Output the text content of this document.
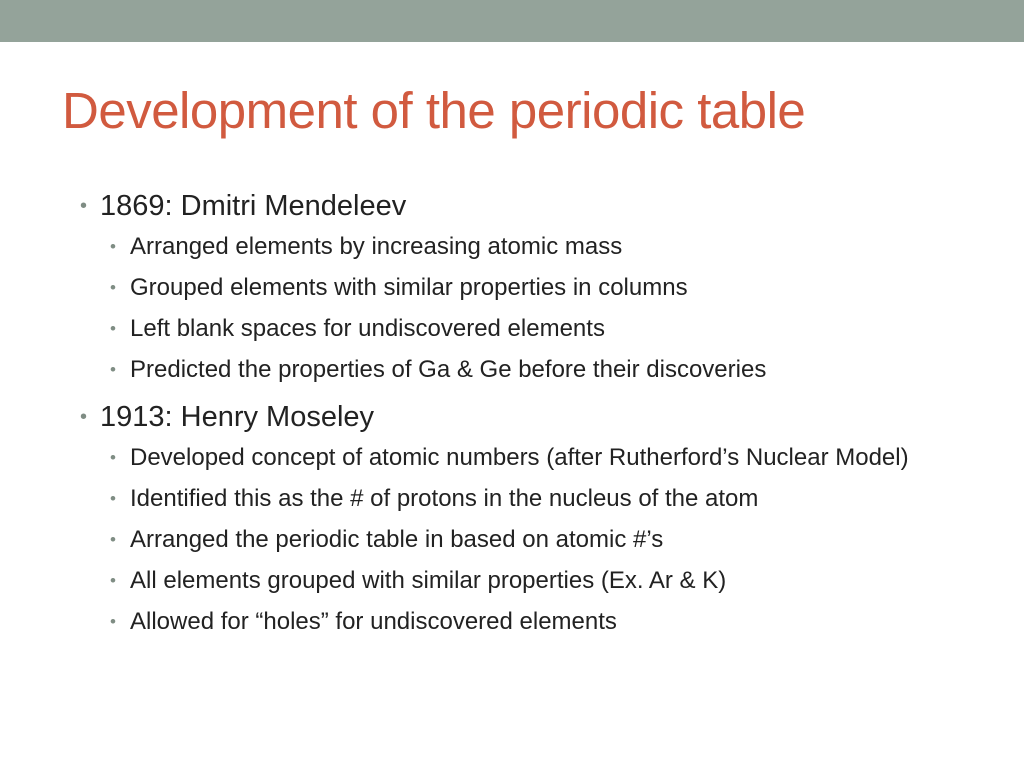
Development of the periodic table
• 1869: Dmitri Mendeleev
• Arranged elements by increasing atomic mass
• Grouped elements with similar properties in columns
• Left blank spaces for undiscovered elements
• Predicted the properties of Ga & Ge before their discoveries
• 1913: Henry Moseley
• Developed concept of atomic numbers (after Rutherford’s Nuclear Model)
• Identified this as the # of protons in the nucleus of the atom
• Arranged the periodic table in based on atomic #’s
• All elements grouped with similar properties (Ex. Ar & K)
• Allowed for “holes” for undiscovered elements
